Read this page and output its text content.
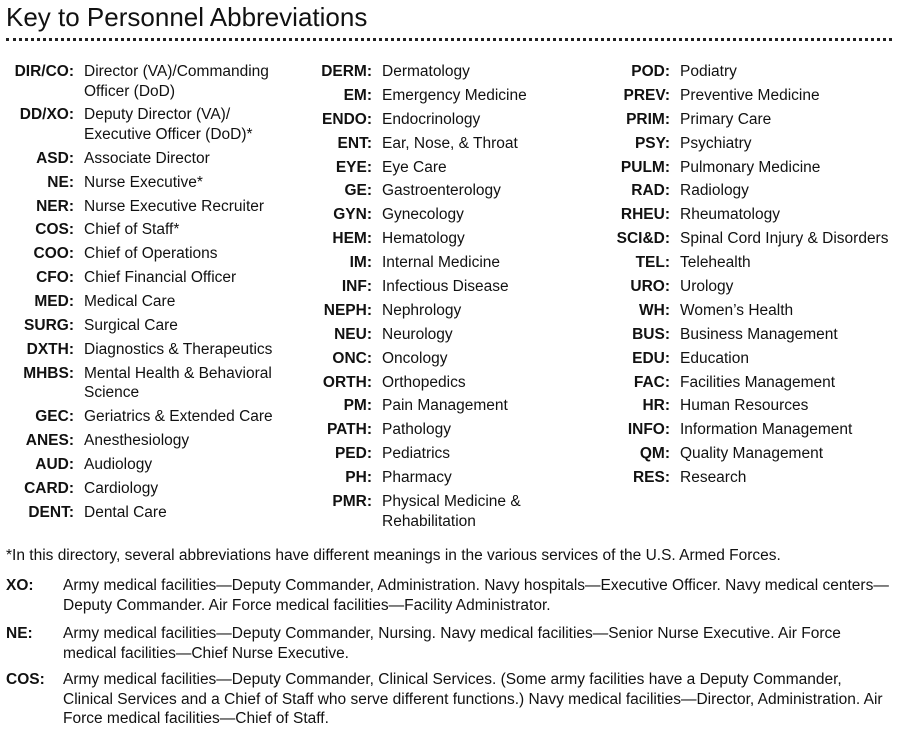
Key to Personnel Abbreviations
DIR/CO: Director (VA)/Commanding Officer (DoD)
DD/XO: Deputy Director (VA)/ Executive Officer (DoD)*
ASD: Associate Director
NE: Nurse Executive*
NER: Nurse Executive Recruiter
COS: Chief of Staff*
COO: Chief of Operations
CFO: Chief Financial Officer
MED: Medical Care
SURG: Surgical Care
DXTH: Diagnostics & Therapeutics
MHBS: Mental Health & Behavioral Science
GEC: Geriatrics & Extended Care
ANES: Anesthesiology
AUD: Audiology
CARD: Cardiology
DENT: Dental Care
DERM: Dermatology
EM: Emergency Medicine
ENDO: Endocrinology
ENT: Ear, Nose, & Throat
EYE: Eye Care
GE: Gastroenterology
GYN: Gynecology
HEM: Hematology
IM: Internal Medicine
INF: Infectious Disease
NEPH: Nephrology
NEU: Neurology
ONC: Oncology
ORTH: Orthopedics
PM: Pain Management
PATH: Pathology
PED: Pediatrics
PH: Pharmacy
PMR: Physical Medicine & Rehabilitation
POD: Podiatry
PREV: Preventive Medicine
PRIM: Primary Care
PSY: Psychiatry
PULM: Pulmonary Medicine
RAD: Radiology
RHEU: Rheumatology
SCI&D: Spinal Cord Injury & Disorders
TEL: Telehealth
URO: Urology
WH: Women’s Health
BUS: Business Management
EDU: Education
FAC: Facilities Management
HR: Human Resources
INFO: Information Management
QM: Quality Management
RES: Research

*In this directory, several abbreviations have different meanings in the various services of the U.S. Armed Forces.

XO:	Army medical facilities—Deputy Commander, Administration. Navy hospitals—Executive Officer. Navy medical centers—Deputy Commander. Air Force medical facilities—Facility Administrator.
NE:	Army medical facilities—Deputy Commander, Nursing. Navy medical facilities—Senior Nurse Executive. Air Force medical facilities—Chief Nurse Executive.
COS:	Army medical facilities—Deputy Commander, Clinical Services. (Some army facilities have a Deputy Commander, Clinical Services and a Chief of Staff who serve different functions.) Navy medical facilities—Director, Administration. Air Force medical facilities—Chief of Staff.
